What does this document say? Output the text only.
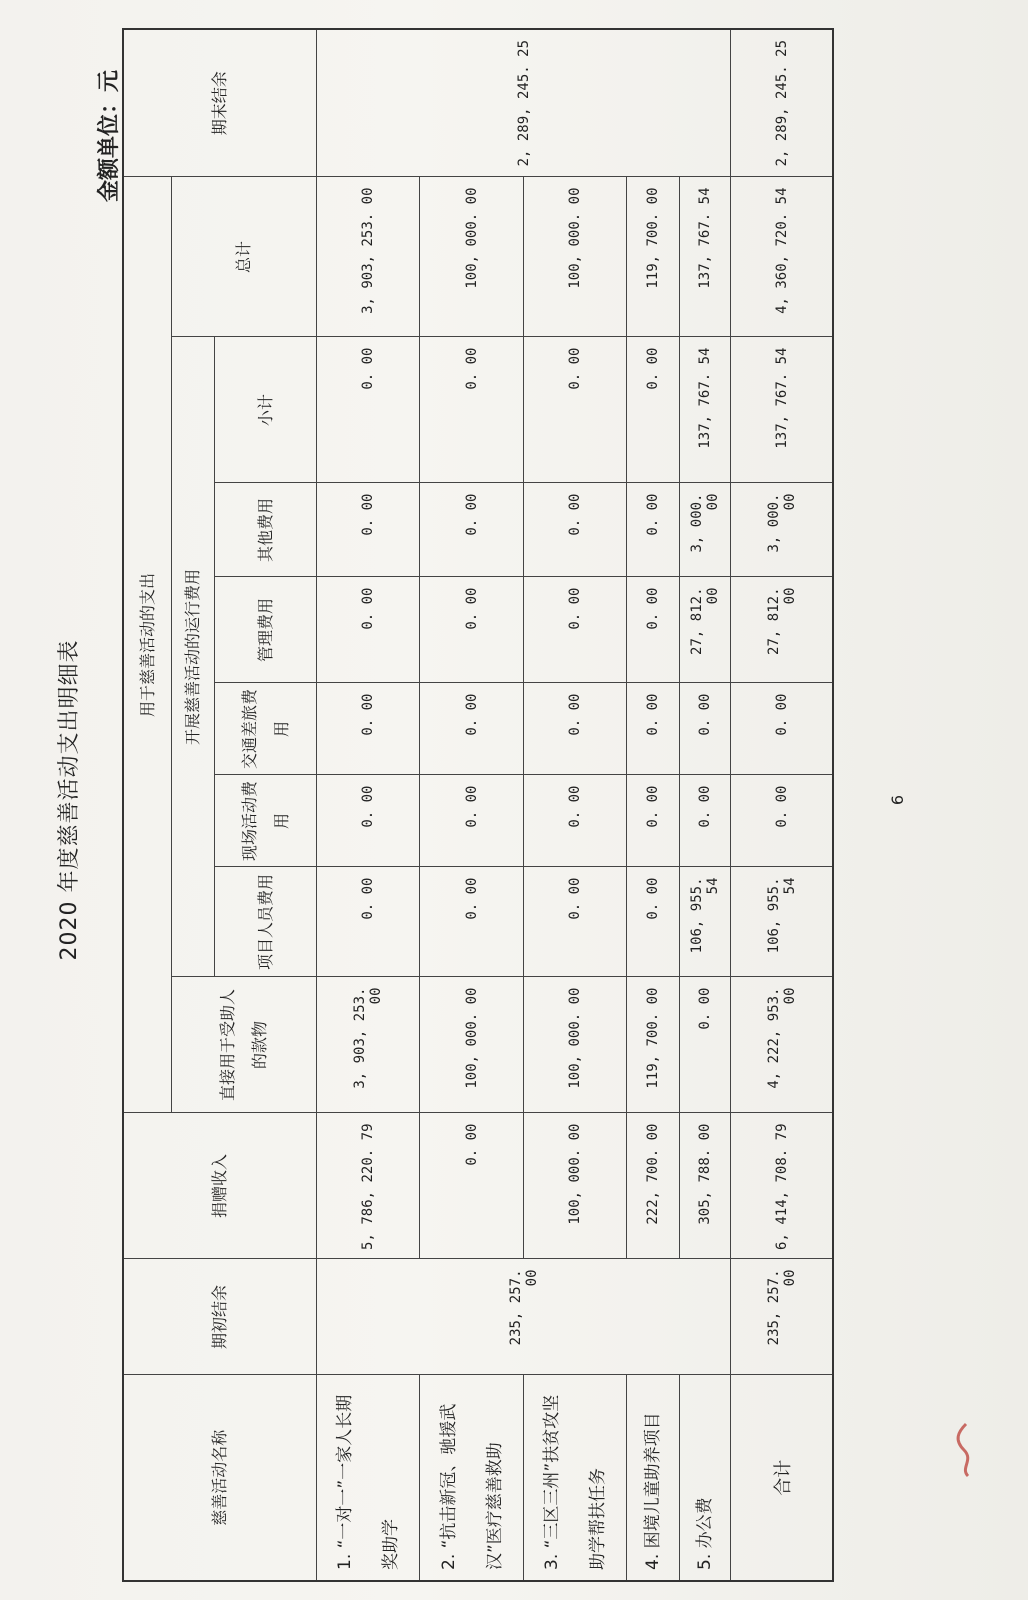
2020 年度慈善活动支出明细表
金额单位：元
慈善活动名称	期初结余	捐赠收入	用于慈善活动的支出								期末结余
			直接用于受助人的款物	开展慈善活动的运行费用						总计	
				项目人员费用	现场活动费用	交通差旅费用	管理费用	其他费用	小计		
1. “一对一”一家人长期奖助学	235, 257. 00	5, 786, 220. 79	3, 903, 253. 00	0. 00	0. 00	0. 00	0. 00	0. 00	0. 00	3, 903, 253. 00	2, 289, 245. 25
2. “抗击新冠、驰援武汉”医疗慈善救助		0. 00	100, 000. 00	0. 00	0. 00	0. 00	0. 00	0. 00	0. 00	100, 000. 00	
3. “三区三州”扶贫攻坚助学帮扶任务		100, 000. 00	100, 000. 00	0. 00	0. 00	0. 00	0. 00	0. 00	0. 00	100, 000. 00	
4. 困境儿童助养项目		222, 700. 00	119, 700. 00	0. 00	0. 00	0. 00	0. 00	0. 00	0. 00	119, 700. 00	
5. 办公费		305, 788. 00	0. 00	106, 955. 54	0. 00	0. 00	27, 812. 00	3, 000. 00	137, 767. 54	137, 767. 54	
合计	235, 257. 00	6, 414, 708. 79	4, 222, 953. 00	106, 955. 54	0. 00	0. 00	27, 812. 00	3, 000. 00	137, 767. 54	4, 360, 720. 54	2, 289, 245. 25
6
